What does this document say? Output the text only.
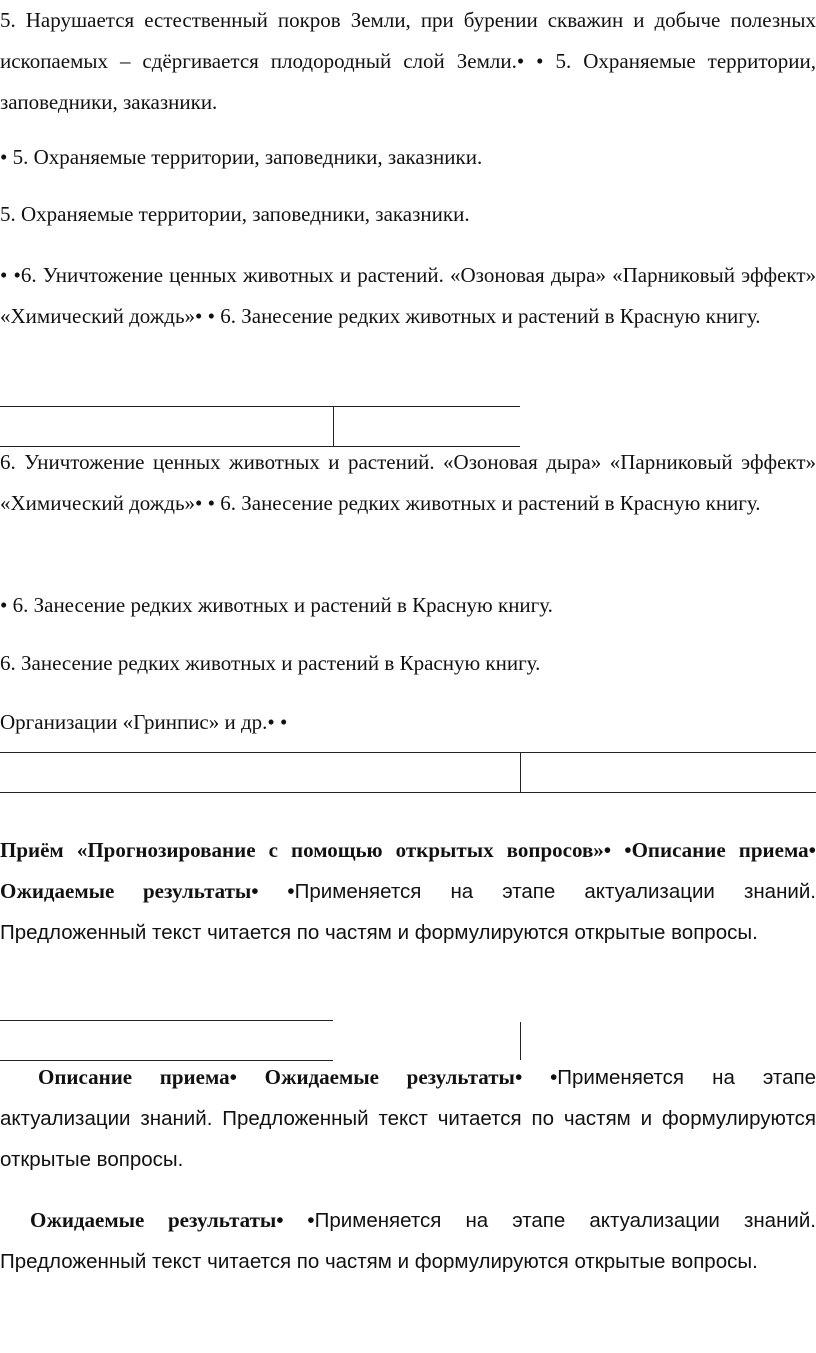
5. Нарушается естественный покров Земли, при бурении скважин и добыче полезных ископаемых – сдёргивается плодородный слой Земли.• • 5. Охраняемые территории, заповедники, заказники.

• 5. Охраняемые территории, заповедники, заказники.

5. Охраняемые территории, заповедники, заказники.

• •6. Уничтожение ценных животных и растений. «Озоновая дыра» «Парниковый эффект» «Химический дождь»• • 6. Занесение редких животных и растений в Красную книгу.

6. Уничтожение ценных животных и растений. «Озоновая дыра» «Парниковый эффект» «Химический дождь»• • 6. Занесение редких животных и растений в Красную книгу.

• 6. Занесение редких животных и растений в Красную книгу.

6. Занесение редких животных и растений в Красную книгу.

Организации «Гринпис» и др.• •

Приём «Прогнозирование с помощью открытых вопросов»• •Описание приема• Ожидаемые результаты• •Применяется на этапе актуализации знаний. Предложенный текст читается по частям и формулируются открытые вопросы.

Описание приема• Ожидаемые результаты• •Применяется на этапе актуализации знаний. Предложенный текст читается по частям и формулируются открытые вопросы.

Ожидаемые результаты• •Применяется на этапе актуализации знаний. Предложенный текст читается по частям и формулируются открытые вопросы.
